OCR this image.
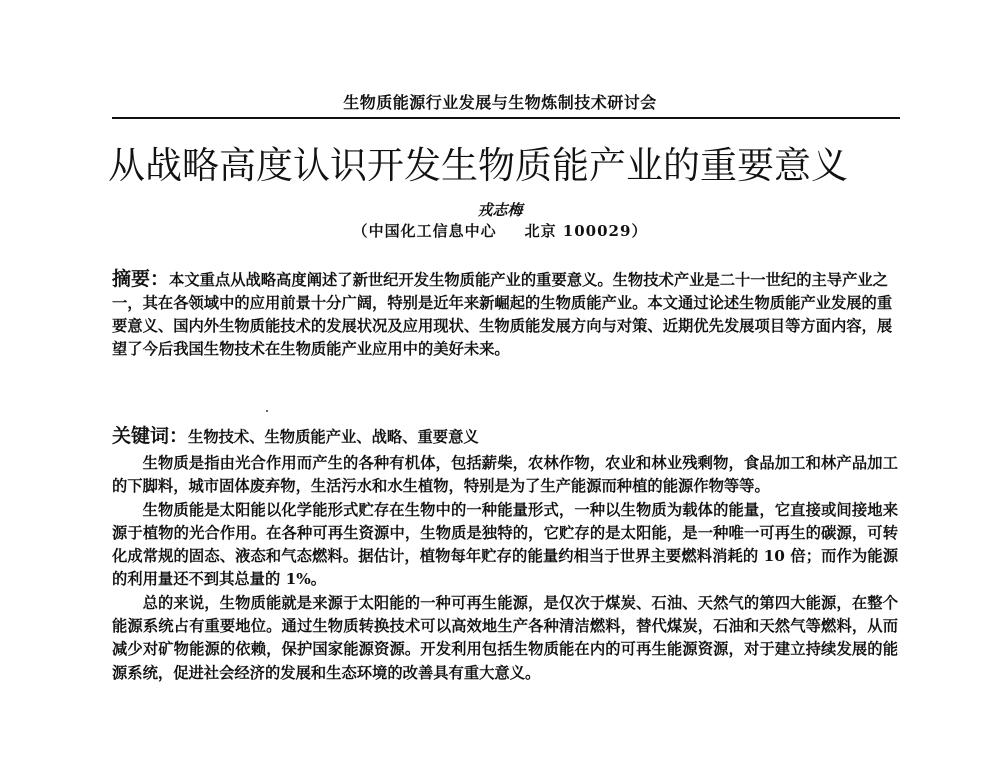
生物质能源行业发展与生物炼制技术研讨会
从战略高度认识开发生物质能产业的重要意义
戎志梅
（中国化工信息中心 北京 100029）

摘要：本文重点从战略高度阐述了新世纪开发生物质能产业的重要意义。生物技术产业是二十一世纪的主导产业之一，其在各领域中的应用前景十分广阔，特别是近年来新崛起的生物质能产业。本文通过论述生物质能产业发展的重要意义、国内外生物质能技术的发展状况及应用现状、生物质能发展方向与对策、近期优先发展项目等方面内容，展望了今后我国生物技术在生物质能产业应用中的美好未来。

关键词：生物技术、生物质能产业、战略、重要意义

生物质是指由光合作用而产生的各种有机体，包括薪柴，农林作物，农业和林业残剩物，食品加工和林产品加工的下脚料，城市固体废弃物，生活污水和水生植物，特别是为了生产能源而种植的能源作物等等。

生物质能是太阳能以化学能形式贮存在生物中的一种能量形式，一种以生物质为载体的能量，它直接或间接地来源于植物的光合作用。在各种可再生资源中，生物质是独特的，它贮存的是太阳能，是一种唯一可再生的碳源，可转化成常规的固态、液态和气态燃料。据估计，植物每年贮存的能量约相当于世界主要燃料消耗的 10 倍；而作为能源的利用量还不到其总量的 1%。

总的来说，生物质能就是来源于太阳能的一种可再生能源，是仅次于煤炭、石油、天然气的第四大能源，在整个能源系统占有重要地位。通过生物质转换技术可以高效地生产各种清洁燃料，替代煤炭，石油和天然气等燃料，从而减少对矿物能源的依赖，保护国家能源资源。开发利用包括生物质能在内的可再生能源资源，对于建立持续发展的能源系统，促进社会经济的发展和生态环境的改善具有重大意义。
